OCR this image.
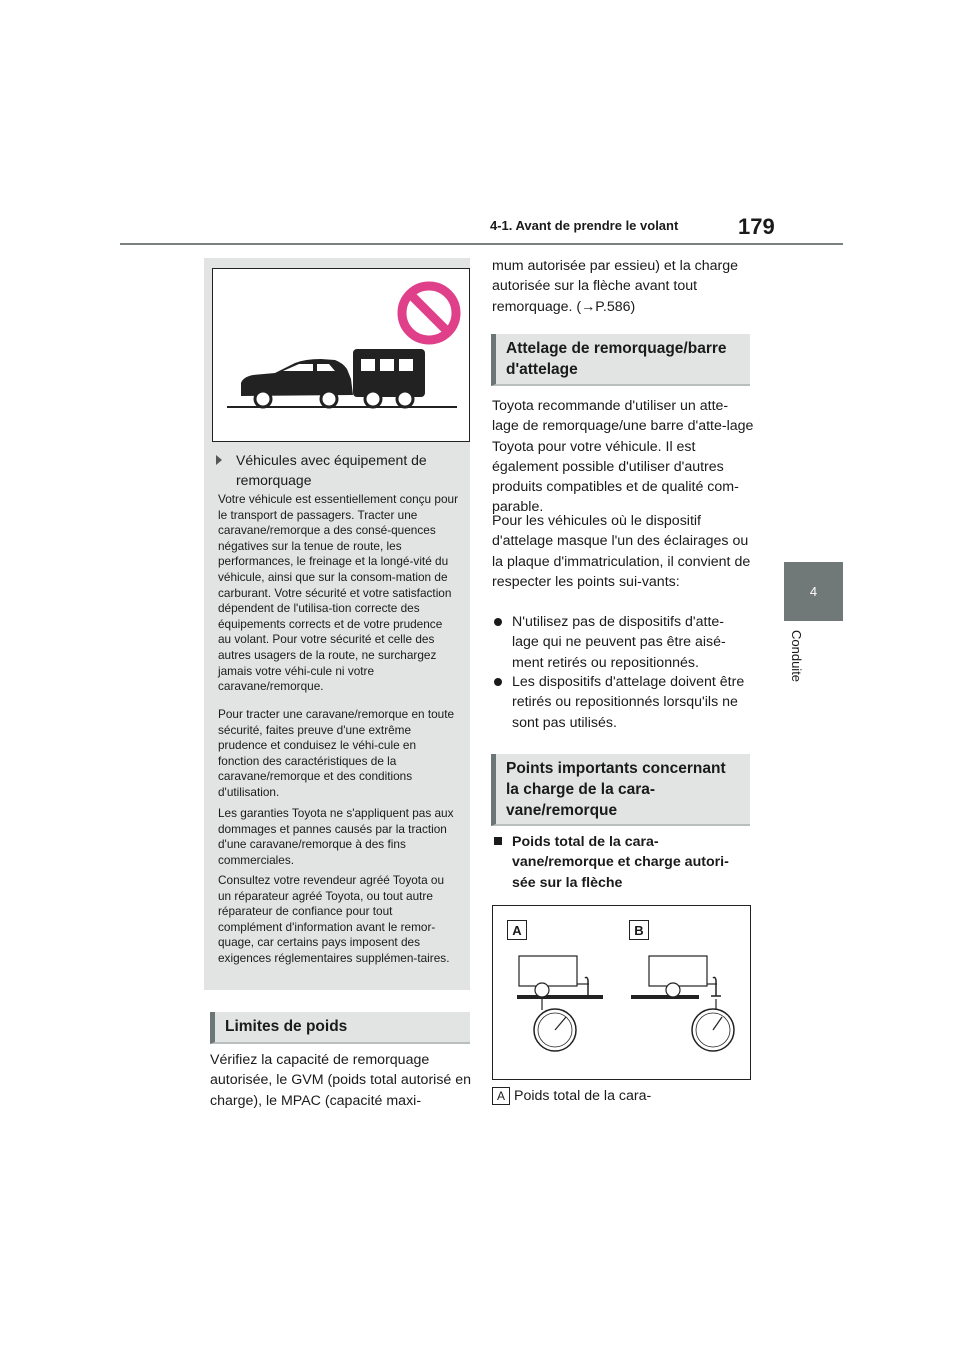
4-1. Avant de prendre le volant	179
4
Conduite
Véhicules avec équipement de remorquage

Votre véhicule est essentiellement conçu pour le transport de passagers. Tracter une caravane/remorque a des consé-quences négatives sur la tenue de route, les performances, le freinage et la longé-vité du véhicule, ainsi que sur la consom-mation de carburant. Votre sécurité et votre satisfaction dépendent de l'utilisa-tion correcte des équipements corrects et de votre prudence au volant. Pour votre sécurité et celle des autres usagers de la route, ne surchargez jamais votre véhi-cule ni votre caravane/remorque.

Pour tracter une caravane/remorque en toute sécurité, faites preuve d'une extrême prudence et conduisez le véhi-cule en fonction des caractéristiques de la caravane/remorque et des conditions d'utilisation.

Les garanties Toyota ne s'appliquent pas aux dommages et pannes causés par la traction d'une caravane/remorque à des fins commerciales.

Consultez votre revendeur agréé Toyota ou un réparateur agréé Toyota, ou tout autre réparateur de confiance pour tout complément d'information avant le remor-quage, car certains pays imposent des exigences réglementaires supplémen-taires.

Limites de poids

Vérifiez la capacité de remorquage autorisée, le GVM (poids total autorisé en charge), le MPAC (capacité maxi-

mum autorisée par essieu) et la charge autorisée sur la flèche avant tout remorquage. (→P.586)

Attelage de remorquage/barre d'attelage

Toyota recommande d'utiliser un atte-lage de remorquage/une barre d'atte-lage Toyota pour votre véhicule. Il est également possible d'utiliser d'autres produits compatibles et de qualité com-parable.

Pour les véhicules où le dispositif d'attelage masque l'un des éclairages ou la plaque d'immatriculation, il convient de respecter les points sui-vants:

N'utilisez pas de dispositifs d'atte-lage qui ne peuvent pas être aisé-ment retirés ou repositionnés.
Les dispositifs d'attelage doivent être retirés ou repositionnés lorsqu'ils ne sont pas utilisés.
Points importants concernant la charge de la cara-vane/remorque
Poids total de la cara-vane/remorque et charge autori-sée sur la flèche
A	B
A Poids total de la cara-
